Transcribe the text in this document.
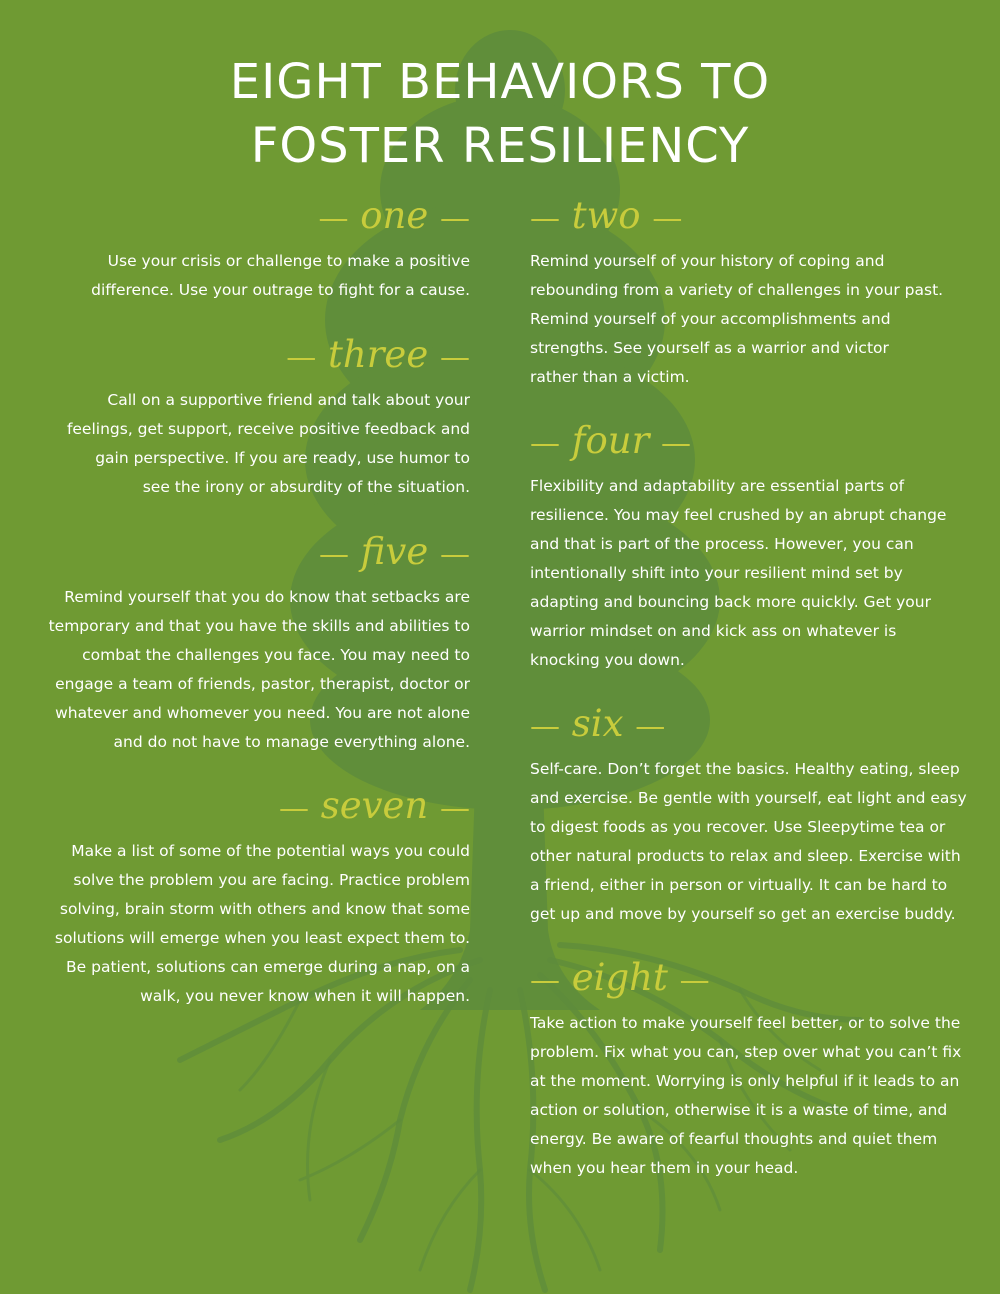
EIGHT BEHAVIORS TO
FOSTER RESILIENCY

— one —

Use your crisis or challenge to make a positive
difference. Use your outrage to fight for a cause.

— two —

Remind yourself of your history of coping and
rebounding from a variety of challenges in your past.
Remind yourself of your accomplishments and
strengths. See yourself as a warrior and victor
rather than a victim.

— three —

Call on a supportive friend and talk about your
feelings, get support, receive positive feedback and
gain perspective. If you are ready, use humor to
see the irony or absurdity of the situation.

— four —

Flexibility and adaptability are essential parts of
resilience. You may feel crushed by an abrupt change
and that is part of the process. However, you can
intentionally shift into your resilient mind set by
adapting and bouncing back more quickly. Get your
warrior mindset on and kick ass on whatever is
knocking you down.

— five —

Remind yourself that you do know that setbacks are
temporary and that you have the skills and abilities to
combat the challenges you face. You may need to
engage a team of friends, pastor, therapist, doctor or
whatever and whomever you need. You are not alone
and do not have to manage everything alone. — six —

Self-care. Don’t forget the basics. Healthy eating, sleep
and exercise. Be gentle with yourself, eat light and easy
to digest foods as you recover. Use Sleepytime tea or
other natural products to relax and sleep. Exercise with
a friend, either in person or virtually. It can be hard to
get up and move by yourself so get an exercise buddy.

— seven —

Make a list of some of the potential ways you could
solve the problem you are facing. Practice problem
solving, brain storm with others and know that some
solutions will emerge when you least expect them to.
Be patient, solutions can emerge during a nap, on a
walk, you never know when it will happen. — eight —

Take action to make yourself feel better, or to solve the
problem. Fix what you can, step over what you can’t fix
at the moment. Worrying is only helpful if it leads to an
action or solution, otherwise it is a waste of time, and
energy. Be aware of fearful thoughts and quiet them
when you hear them in your head.
